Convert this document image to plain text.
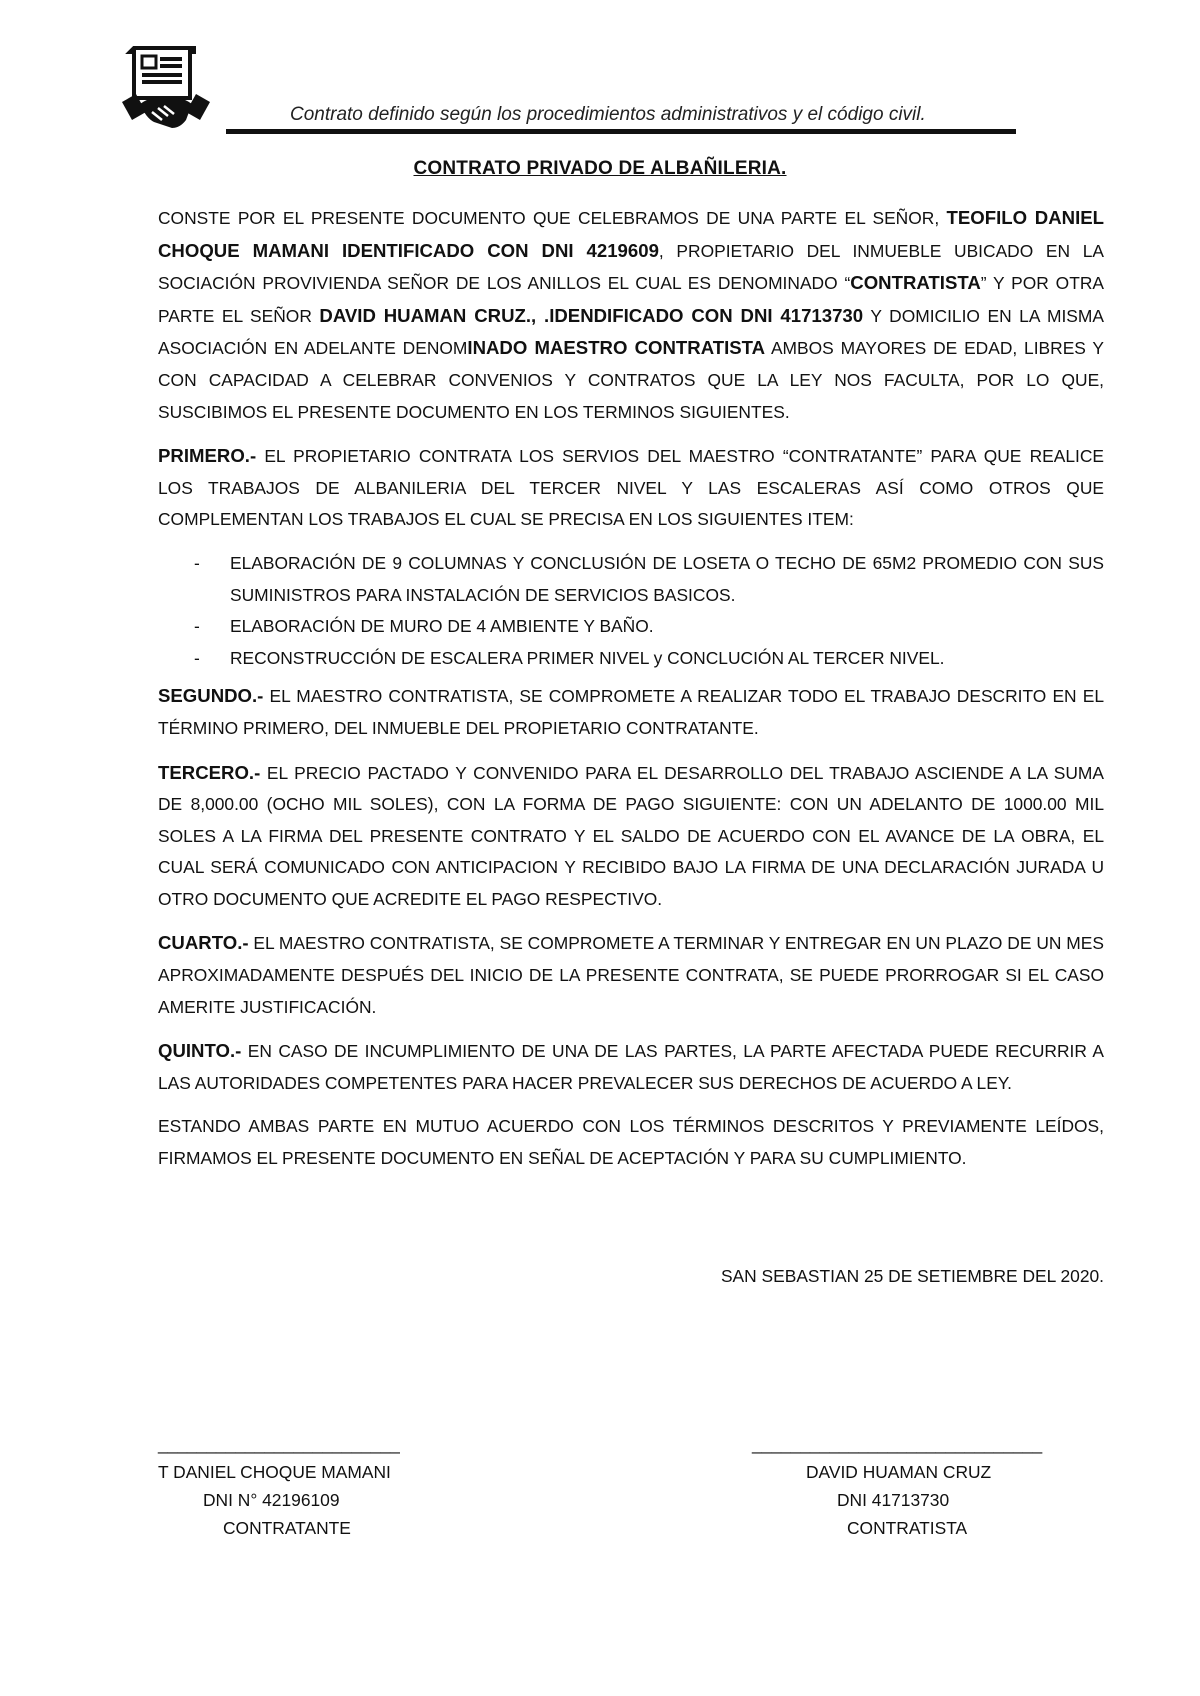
Contrato definido según los procedimientos administrativos y el código civil.
CONTRATO PRIVADO DE ALBAÑILERIA.

CONSTE POR EL PRESENTE DOCUMENTO QUE CELEBRAMOS DE UNA PARTE EL SEÑOR, TEOFILO DANIEL CHOQUE MAMANI IDENTIFICADO CON DNI 4219609, PROPIETARIO DEL INMUEBLE UBICADO EN LA SOCIACIÓN PROVIVIENDA SEÑOR DE LOS ANILLOS EL CUAL ES DENOMINADO “CONTRATISTA” Y POR OTRA PARTE EL SEÑOR DAVID HUAMAN CRUZ., .IDENDIFICADO CON DNI 41713730 Y DOMICILIO EN LA MISMA ASOCIACIÓN EN ADELANTE DENOMINADO MAESTRO CONTRATISTA AMBOS MAYORES DE EDAD, LIBRES Y CON CAPACIDAD A CELEBRAR CONVENIOS Y CONTRATOS QUE LA LEY NOS FACULTA, POR LO QUE, SUSCIBIMOS EL PRESENTE DOCUMENTO EN LOS TERMINOS SIGUIENTES.

PRIMERO.- EL PROPIETARIO CONTRATA LOS SERVIOS DEL MAESTRO “CONTRATANTE” PARA QUE REALICE LOS TRABAJOS DE ALBANILERIA DEL TERCER NIVEL Y LAS ESCALERAS ASÍ COMO OTROS QUE COMPLEMENTAN LOS TRABAJOS EL CUAL SE PRECISA EN LOS SIGUIENTES ITEM:

- ELABORACIÓN DE 9 COLUMNAS Y CONCLUSIÓN DE LOSETA O TECHO DE 65M2 PROMEDIO CON SUS SUMINISTROS PARA INSTALACIÓN DE SERVICIOS BASICOS.
- ELABORACIÓN DE MURO DE 4 AMBIENTE Y BAÑO.
- RECONSTRUCCIÓN DE ESCALERA PRIMER NIVEL y CONCLUCIÓN AL TERCER NIVEL.

SEGUNDO.- EL MAESTRO CONTRATISTA, SE COMPROMETE A REALIZAR TODO EL TRABAJO DESCRITO EN EL TÉRMINO PRIMERO, DEL INMUEBLE DEL PROPIETARIO CONTRATANTE.

TERCERO.- EL PRECIO PACTADO Y CONVENIDO PARA EL DESARROLLO DEL TRABAJO ASCIENDE A LA SUMA DE 8,000.00 (OCHO MIL SOLES), CON LA FORMA DE PAGO SIGUIENTE: CON UN ADELANTO DE 1000.00 MIL SOLES A LA FIRMA DEL PRESENTE CONTRATO Y EL SALDO DE ACUERDO CON EL AVANCE DE LA OBRA, EL CUAL SERÁ COMUNICADO CON ANTICIPACION Y RECIBIDO BAJO LA FIRMA DE UNA DECLARACIÓN JURADA U OTRO DOCUMENTO QUE ACREDITE EL PAGO RESPECTIVO.

CUARTO.- EL MAESTRO CONTRATISTA, SE COMPROMETE A TERMINAR Y ENTREGAR EN UN PLAZO DE UN MES APROXIMADAMENTE DESPUÉS DEL INICIO DE LA PRESENTE CONTRATA, SE PUEDE PRORROGAR SI EL CASO AMERITE JUSTIFICACIÓN.

QUINTO.- EN CASO DE INCUMPLIMIENTO DE UNA DE LAS PARTES, LA PARTE AFECTADA PUEDE RECURRIR A LAS AUTORIDADES COMPETENTES PARA HACER PREVALECER SUS DERECHOS DE ACUERDO A LEY.

ESTANDO AMBAS PARTE EN MUTUO ACUERDO CON LOS TÉRMINOS DESCRITOS Y PREVIAMENTE LEÍDOS, FIRMAMOS EL PRESENTE DOCUMENTO EN SEÑAL DE ACEPTACIÓN Y PARA SU CUMPLIMIENTO.

SAN SEBASTIAN 25 DE SETIEMBRE DEL 2020.
_________________________
T DANIEL CHOQUE MAMANI
DNI N° 42196109
CONTRATANTE
______________________________
DAVID HUAMAN CRUZ
DNI 41713730
CONTRATISTA
